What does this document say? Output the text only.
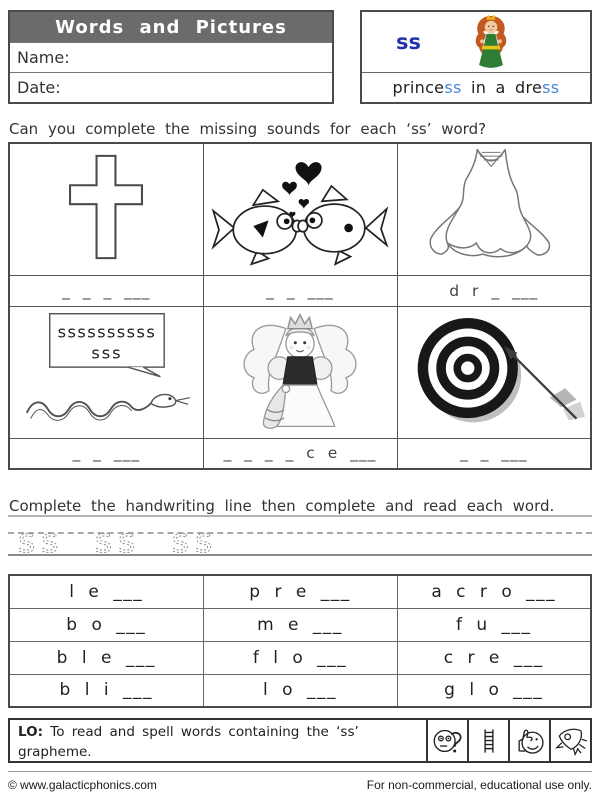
Words and Pictures
Name:
Date:
ss
prince ss in a dre ss
Can you complete the missing sounds for each ‘ss’ word?

_ _ _ ___	_ _ ___	d r _ ___

ssssssssss
sss

_ _ ___	_ _ _ _ c e ___	_ _ ___
Complete the handwriting line then complete and read each word.
ss ss ss
l e ___	p r e ___	a c r o ___
b o ___	m e ___	f u ___
b l e ___	f l o ___	c r e ___
b l i ___	l o ___	g l o ___
LO: To read and spell words containing the ‘ss’ grapheme.
© www.galacticphonics.com	For non-commercial, educational use only.
